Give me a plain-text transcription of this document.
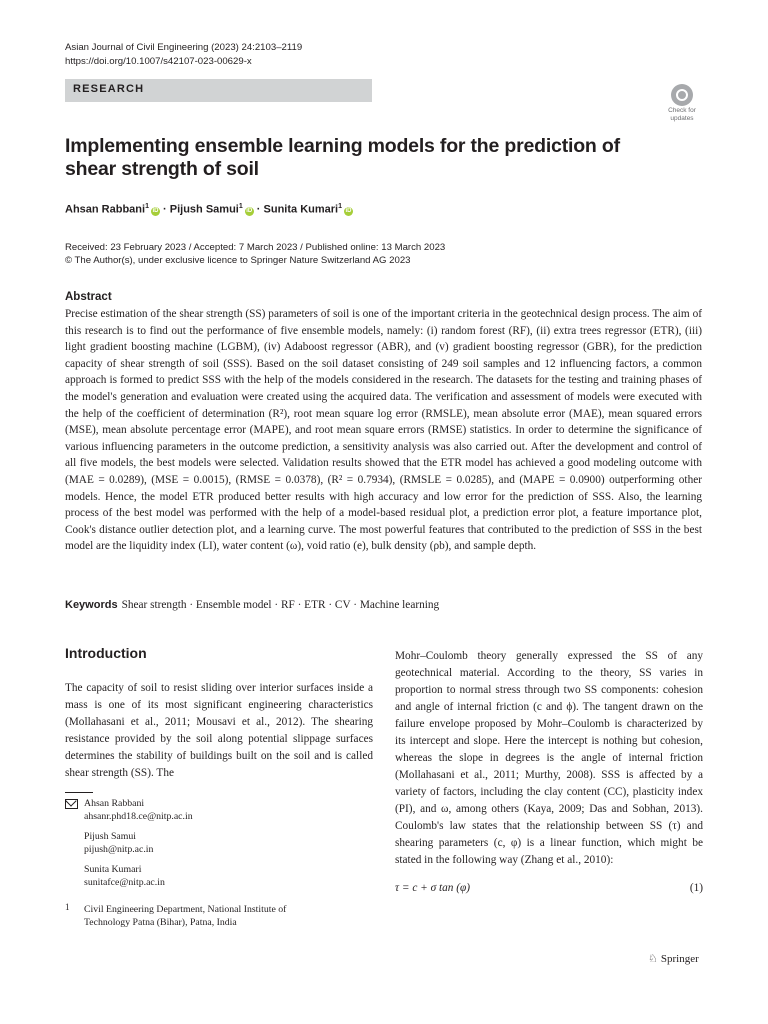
Asian Journal of Civil Engineering (2023) 24:2103–2119
https://doi.org/10.1007/s42107-023-00629-x
RESEARCH
Check for
updates
Implementing ensemble learning models for the prediction of shear strength of soil
Ahsan Rabbani$^1$iD · Pijush Samui$^1$iD · Sunita Kumari$^1$iD
Received: 23 February 2023 / Accepted: 7 March 2023 / Published online: 13 March 2023
© The Author(s), under exclusive licence to Springer Nature Switzerland AG 2023
Abstract
Precise estimation of the shear strength (SS) parameters of soil is one of the important criteria in the geotechnical design process. The aim of this research is to find out the performance of five ensemble models, namely: (i) random forest (RF), (ii) extra trees regressor (ETR), (iii) light gradient boosting machine (LGBM), (iv) Adaboost regressor (ABR), and (v) gradient boosting regressor (GBR), for the prediction capacity of shear strength of soil (SSS). Based on the soil dataset consisting of 249 soil samples and 12 influencing factors, a common approach is formed to predict SSS with the help of the models considered in the research. The datasets for the testing and training phases of the model's generation and evaluation were created using the acquired data. The verification and assessment of models were executed with the help of the coefficient of determination (R²), root mean square log error (RMSLE), mean absolute error (MAE), mean squared errors (MSE), mean absolute percentage error (MAPE), and root mean square errors (RMSE) statistics. In order to determine the significance of various influencing parameters in the outcome prediction, a sensitivity analysis was also carried out. After the development and control of all five models, the best models were selected. Validation results showed that the ETR model has achieved a good modeling outcome with (MAE = 0.0289), (MSE = 0.0015), (RMSE = 0.0378), (R² = 0.7934), (RMSLE = 0.0285), and (MAPE = 0.0900) outperforming other models. Hence, the model ETR produced better results with high accuracy and low error for the prediction of SSS. Also, the learning process of the best model was performed with the help of a model-based residual plot, a prediction error plot, a feature importance plot, Cook's distance outlier detection plot, and a learning curve. The most powerful features that contributed to the prediction of SSS in the best model are the liquidity index (LI), water content (ω), void ratio (e), bulk density (ρb), and sample depth.
Keywords Shear strength · Ensemble model · RF · ETR · CV · Machine learning
Introduction
The capacity of soil to resist sliding over interior surfaces inside a mass is one of its most significant engineering characteristics (Mollahasani et al., 2011; Mousavi et al., 2012). The shearing resistance provided by the soil along potential slippage surfaces determines the stability of buildings built on the soil and is called shear strength (SS). The
Mohr–Coulomb theory generally expressed the SS of any geotechnical material. According to the theory, SS varies in proportion to normal stress through two SS components: cohesion and angle of internal friction (c and ϕ). The tangent drawn on the failure envelope proposed by Mohr–Coulomb is characterized by its intercept and slope. Here the intercept is nothing but cohesion, whereas the slope in degrees is the angle of internal friction (Mollahasani et al., 2011; Murthy, 2008). SSS is affected by a variety of factors, including the clay content (CC), plasticity index (PI), and ω, among others (Kaya, 2009; Das and Sobhan, 2013). Coulomb's law states that the relationship between SS (τ) and shearing parameters (c, φ) is a linear function, which might be stated in the following way (Zhang et al., 2010):
τ = c + σ tan (φ)	(1)
Ahsan Rabbani
ahsanr.phd18.ce@nitp.ac.in
Pijush Samui
pijush@nitp.ac.in
Sunita Kumari
sunitafce@nitp.ac.in
1 Civil Engineering Department, National Institute of Technology Patna (Bihar), Patna, India
♘ Springer
